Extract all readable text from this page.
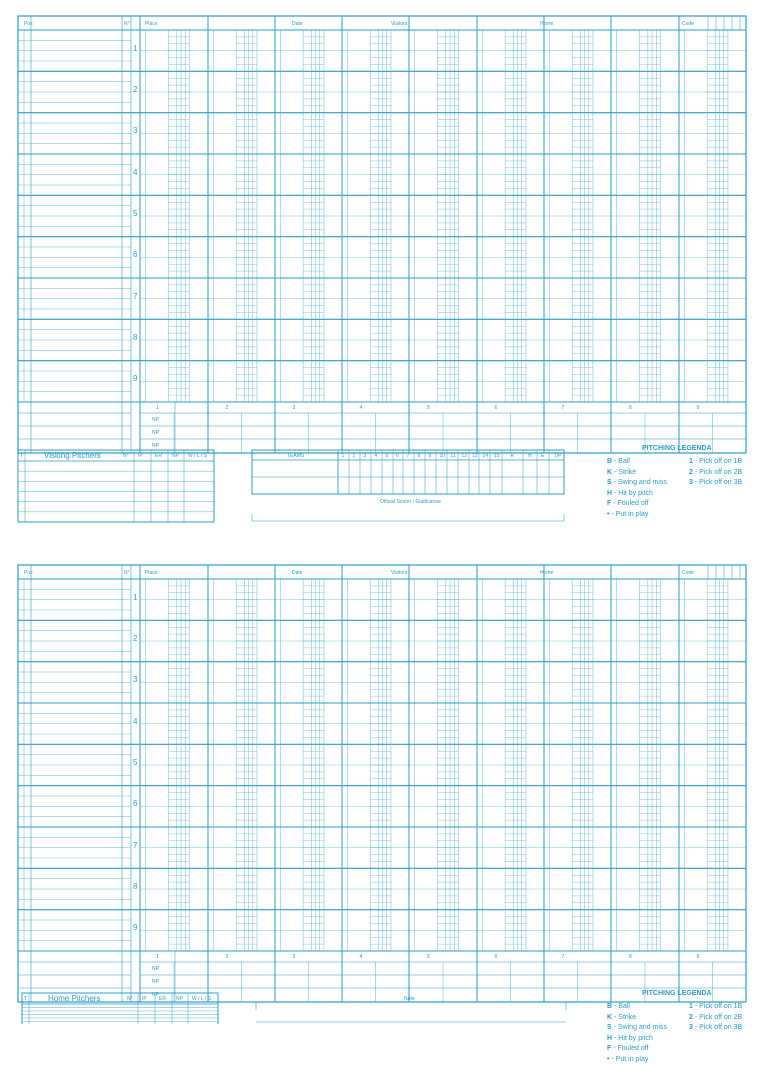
Pos	N°	Place	Date	Visitors	Home	Code
1
2
3
4
5
6
7
8
9
1	2	3	4	5	6	7	8	9
NP
NP
NP
Pos	N°	Place	Date	Visitors	Home	Code
1
2
3
4
5
6
7
8
9
1	2	3	4	5	6	7	8	9
NP
NP
NP
T	Visiting Pitchers	N° IP ER NP W / L / S
T	Home Pitchers	N° IP ER NP W / L / S
TEAMS	1 2 3 4 5 6 7 8 9 10 11 12 13 14 15 R	H E DP
Official Scorer / Giudicatore
Note
PITCHING LEGENDA
B - Ball
K - Strike
S - Swing and miss
H - Hit by pitch
F - Fouled off
• - Put in play
1 - Pick off on 1B
2 - Pick off on 2B
3 - Pick off on 3B
PITCHING LEGENDA
B - Ball
K - Strike
S - Swing and miss
H - Hit by pitch
F - Fouled off
• - Put in play
1 - Pick off on 1B
2 - Pick off on 2B
3 - Pick off on 3B
